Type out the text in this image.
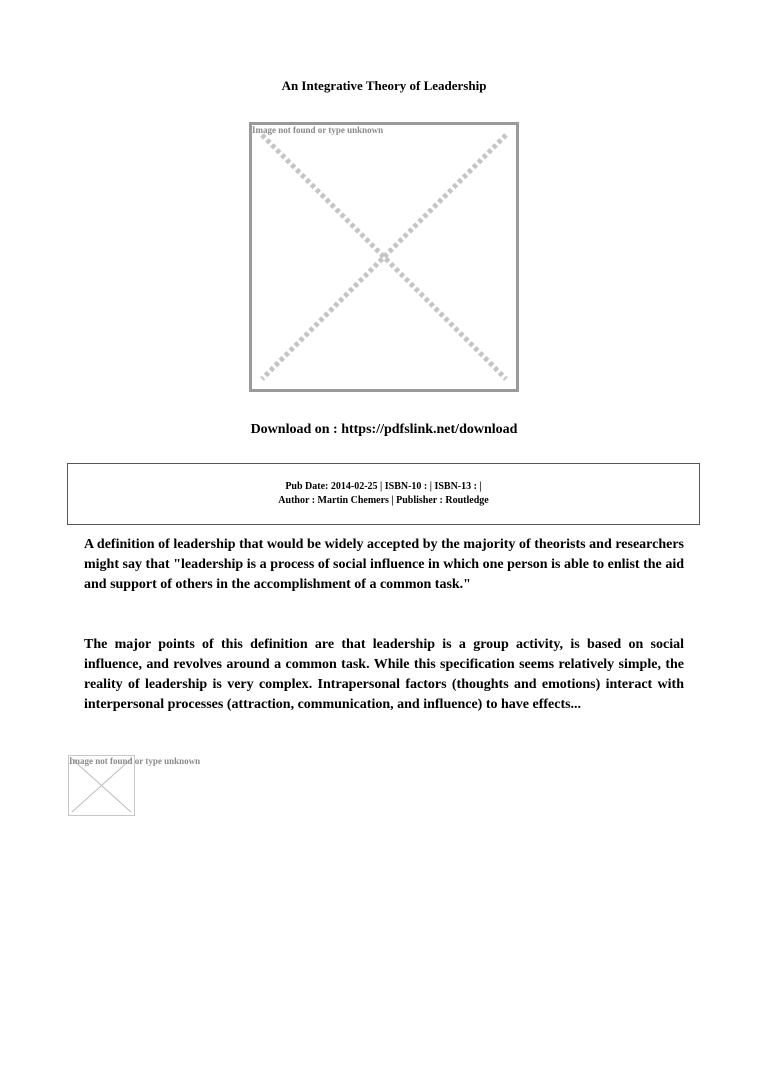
An Integrative Theory of Leadership
Image not found or type unknown
Download on : https://pdfslink.net/download
Pub Date: 2014-02-25 | ISBN-10 : | ISBN-13 : |
Author : Martin Chemers | Publisher : Routledge

A definition of leadership that would be widely accepted by the majority of theorists and researchers might say that "leadership is a process of social influence in which one person is able to enlist the aid and support of others in the accomplishment of a common task."

The major points of this definition are that leadership is a group activity, is based on social influence, and revolves around a common task. While this specification seems relatively simple, the reality of leadership is very complex. Intrapersonal factors (thoughts and emotions) interact with interpersonal processes (attraction, communication, and influence) to have effects...

Image not found or type unknown
